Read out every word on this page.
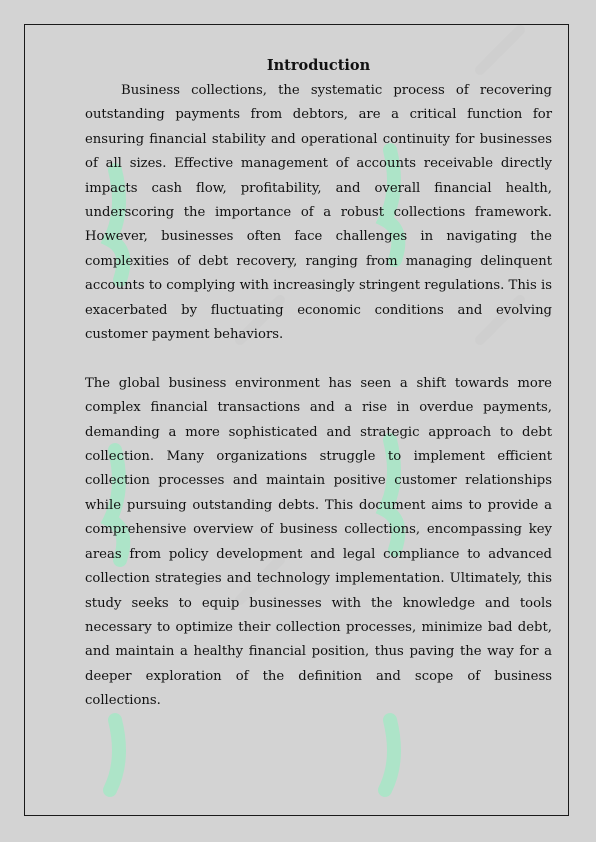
Introduction

Business collections, the systematic process of recovering outstanding payments from debtors, are a critical function for ensuring financial stability and operational continuity for businesses of all sizes. Effective management of accounts receivable directly impacts cash flow, profitability, and overall financial health, underscoring the importance of a robust collections framework. However, businesses often face challenges in navigating the complexities of debt recovery, ranging from managing delinquent accounts to complying with increasingly stringent regulations. This is exacerbated by fluctuating economic conditions and evolving customer payment behaviors.

The global business environment has seen a shift towards more complex financial transactions and a rise in overdue payments, demanding a more sophisticated and strategic approach to debt collection. Many organizations struggle to implement efficient collection processes and maintain positive customer relationships while pursuing outstanding debts. This document aims to provide a comprehensive overview of business collections, encompassing key areas from policy development and legal compliance to advanced collection strategies and technology implementation. Ultimately, this study seeks to equip businesses with the knowledge and tools necessary to optimize their collection processes, minimize bad debt, and maintain a healthy financial position, thus paving the way for a deeper exploration of the definition and scope of business collections.
